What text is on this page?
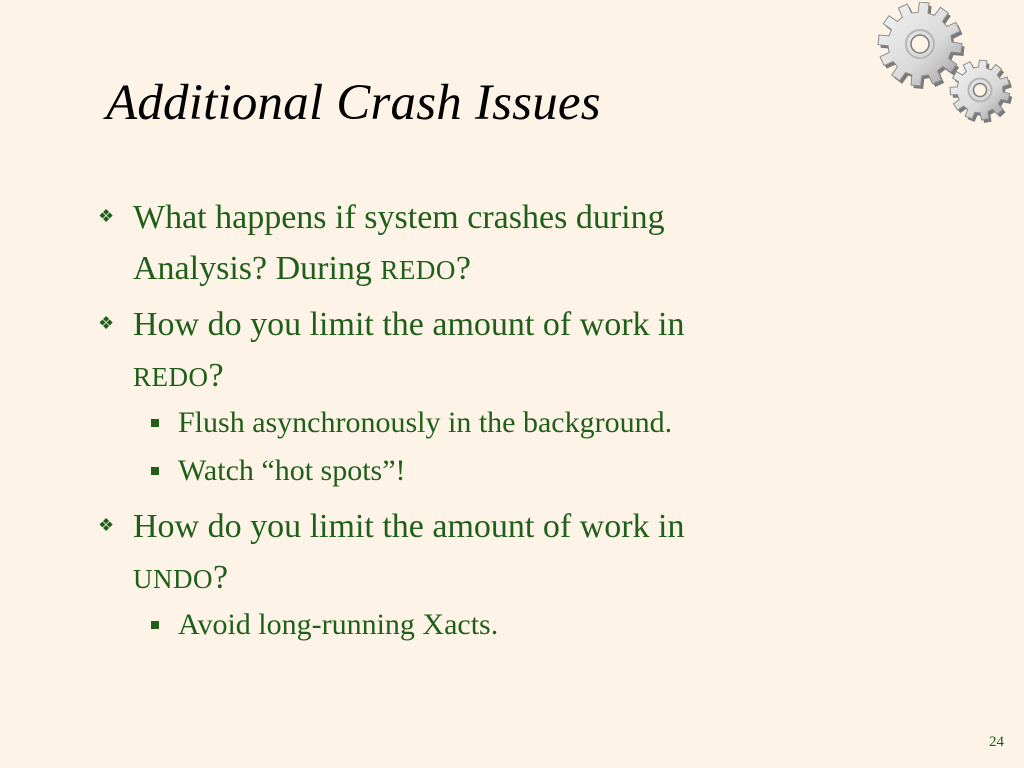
Additional Crash Issues
❖ What happens if system crashes during
Analysis? During REDO?
❖ How do you limit the amount of work in
REDO?
Flush asynchronously in the background.
Watch “hot spots”!
❖ How do you limit the amount of work in
UNDO?
Avoid long-running Xacts.
24
